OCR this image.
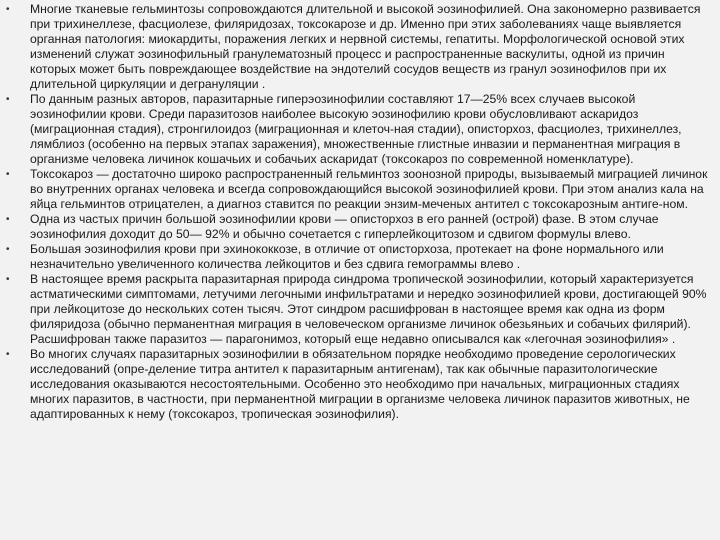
• Многие тканевые гельминтозы сопровождаются длительной и высокой эозинофилией. Она закономерно развивается при трихинеллезе, фасциолезе, филяридозах, токсокарозе и др. Именно при этих заболеваниях чаще выявляется органная патология: миокардиты, поражения легких и нервной системы, гепатиты. Морфологической основой этих изменений служат эозинофильный гранулематозный процесс и распространенные васкулиты, одной из причин которых может быть повреждающее воздействие на эндотелий сосудов веществ из гранул эозинофилов при их длительной циркуляции и дегрануляции .
• По данным разных авторов, паразитарные гиперэозинофилии составляют 17—25% всех случаев высокой эозинофилии крови. Среди паразитозов наиболее высокую эозинофилию крови обусловливают аскаридоз (миграционная стадия), стронгилоидоз (миграционная и клеточ-ная стадии), описторхоз, фасциолез, трихинеллез, лямблиоз (особенно на первых этапах заражения), множественные глистные инвазии и перманентная миграция в организме человека личинок кошачьих и собачьих аскаридат (токсокароз по современной номенклатуре).
• Токсокароз — достаточно широко распространенный гельминтоз зоонозной природы, вызываемый миграцией личинок во внутренних органах человека и всегда сопровождающийся высокой эозинофилией крови. При этом анализ кала на яйца гельминтов отрицателен, а диагноз ставится по реакции энзим-меченых антител с токсокарозным антиге-ном.
• Одна из частых причин большой эозинофилии крови — описторхоз в его ранней (острой) фазе. В этом случае эозинофилия доходит до 50— 92% и обычно сочетается с гиперлейкоцитозом и сдвигом формулы влево.
• Большая эозинофилия крови при эхинококкозе, в отличие от описторхоза, протекает на фоне нормального или незначительно увеличенного количества лейкоцитов и без сдвига гемограммы влево .
• В настоящее время раскрыта паразитарная природа синдрома тропической эозинофилии, который характеризуется астматическими симптомами, летучими легочными инфильтратами и нередко эозинофилией крови, достигающей 90% при лейкоцитозе до нескольких сотен тысяч. Этот синдром расшифрован в настоящее время как одна из форм филяридоза (обычно перманентная миграция в человеческом организме личинок обезьяньих и собачьих филярий). Расшифрован также паразитоз — парагонимоз, который еще недавно описывался как «легочная эозинофилия» .
• Во многих случаях паразитарных эозинофилии в обязательном порядке необходимо проведение серологических исследований (опре-деление титра антител к паразитарным антигенам), так как обычные паразитологические исследования оказываются несостоятельными. Особенно это необходимо при начальных, миграционных стадиях многих паразитов, в частности, при перманентной миграции в организме человека личинок паразитов животных, не адаптированных к нему (токсокароз, тропическая эозинофилия).
